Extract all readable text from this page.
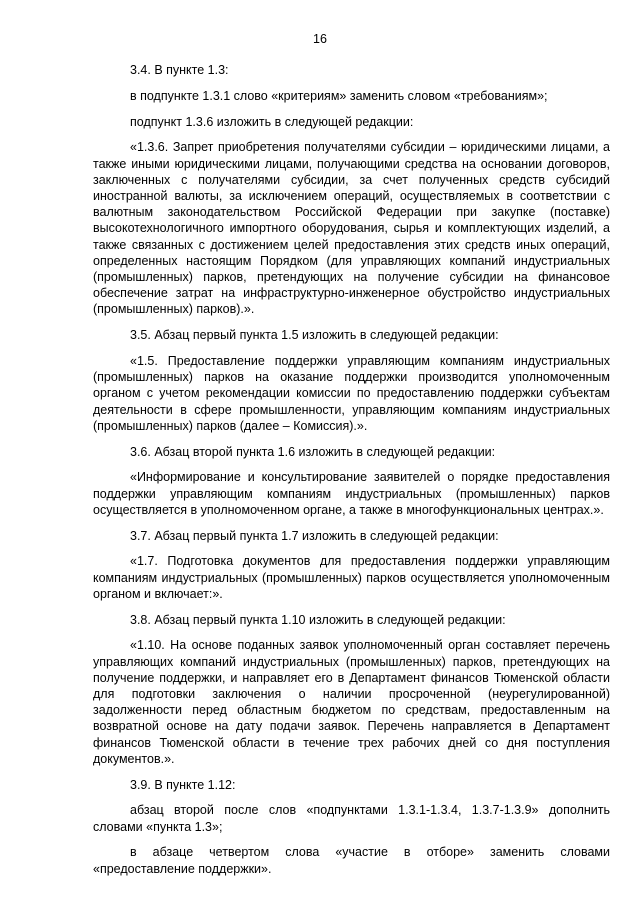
16

3.4. В пункте 1.3:

в подпункте 1.3.1 слово «критериям» заменить словом «требованиям»;

подпункт 1.3.6 изложить в следующей редакции:

«1.3.6. Запрет приобретения получателями субсидии – юридическими лицами, а также иными юридическими лицами, получающими средства на основании договоров, заключенных с получателями субсидии, за счет полученных средств субсидий иностранной валюты, за исключением операций, осуществляемых в соответствии с валютным законодательством Российской Федерации при закупке (поставке) высокотехнологичного импортного оборудования, сырья и комплектующих изделий, а также связанных с достижением целей предоставления этих средств иных операций, определенных настоящим Порядком (для управляющих компаний индустриальных (промышленных) парков, претендующих на получение субсидии на финансовое обеспечение затрат на инфраструктурно-инженерное обустройство индустриальных (промышленных) парков).».

3.5. Абзац первый пункта 1.5 изложить в следующей редакции:

«1.5. Предоставление поддержки управляющим компаниям индустриальных (промышленных) парков на оказание поддержки производится уполномоченным органом с учетом рекомендации комиссии по предоставлению поддержки субъектам деятельности в сфере промышленности, управляющим компаниям индустриальных (промышленных) парков (далее – Комиссия).».

3.6. Абзац второй пункта 1.6 изложить в следующей редакции:

«Информирование и консультирование заявителей о порядке предоставления поддержки управляющим компаниям индустриальных (промышленных) парков осуществляется в уполномоченном органе, а также в многофункциональных центрах.».

3.7. Абзац первый пункта 1.7 изложить в следующей редакции:

«1.7. Подготовка документов для предоставления поддержки управляющим компаниям индустриальных (промышленных) парков осуществляется уполномоченным органом и включает:».

3.8. Абзац первый пункта 1.10 изложить в следующей редакции:

«1.10. На основе поданных заявок уполномоченный орган составляет перечень управляющих компаний индустриальных (промышленных) парков, претендующих на получение поддержки, и направляет его в Департамент финансов Тюменской области для подготовки заключения о наличии просроченной (неурегулированной) задолженности перед областным бюджетом по средствам, предоставленным на возвратной основе на дату подачи заявок. Перечень направляется в Департамент финансов Тюменской области в течение трех рабочих дней со дня поступления документов.».

3.9. В пункте 1.12:

абзац второй после слов «подпунктами 1.3.1-1.3.4, 1.3.7-1.3.9» дополнить словами «пункта 1.3»;

в абзаце четвертом слова «участие в отборе» заменить словами «предоставление поддержки».
